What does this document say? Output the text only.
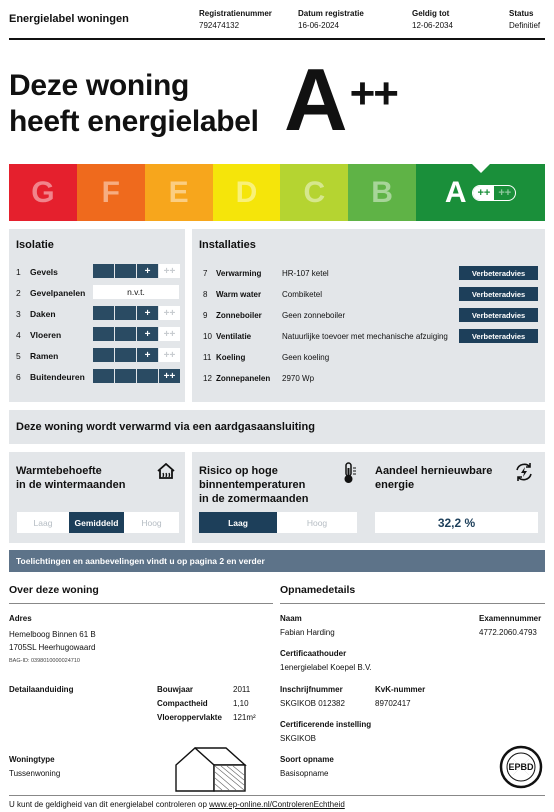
Energielabel woningen	Registratienummer
792474132
Datum registratie
16-06-2024
Geldig tot
12-06-2034
Status
Definitief
Deze woning
heeft energielabel A++
G F E D C B A	++ ++
Isolatie
1	Gevels	+	++
2	Gevelpanelen	n.v.t.
3	Daken	+	++
4	Vloeren	+	++
5	Ramen	+	++
6	Buitendeuren	++
Installaties
7	Verwarming	HR-107 ketel	Verbeteradvies
8	Warm water	Combiketel	Verbeteradvies
9	Zonneboiler	Geen zonneboiler	Verbeteradvies
10 Ventilatie	Natuurlijke toevoer met mechanische afzuiging	Verbeteradvies
11 Koeling	Geen koeling
12 Zonnepanelen	2970 Wp
Deze woning wordt verwarmd via een aardgasaansluiting
Warmtebehoefte
in de wintermaanden
Laag	Gemiddeld	Hoog
Risico op hoge
binnentemperaturen
in de zomermaanden
Laag	Hoog
Aandeel hernieuwbare
energie
32,2 %
Toelichtingen en aanbevelingen vindt u op pagina 2 en verder
Over deze woning
Adres
Hemelboog Binnen 61 B
1705SL Heerhugowaard
BAG-ID: 0398010000024710
Detailaanduiding	Bouwjaar	2011
Compactheid	1,10
Vloeroppervlakte 121m²
Woningtype
Tussenwoning
Opnamedetails
Naam
Fabian Harding
Examennummer
4772.2060.4793
Certificaathouder
1energielabel Koepel B.V.
Inschrijfnummer
SKGIKOB 012382
KvK-nummer
89702417
Certificerende instelling
SKGIKOB
Soort opname
Basisopname
EPBD
U kunt de geldigheid van dit energielabel controleren op www.ep-online.nl/ControlerenEchtheid
